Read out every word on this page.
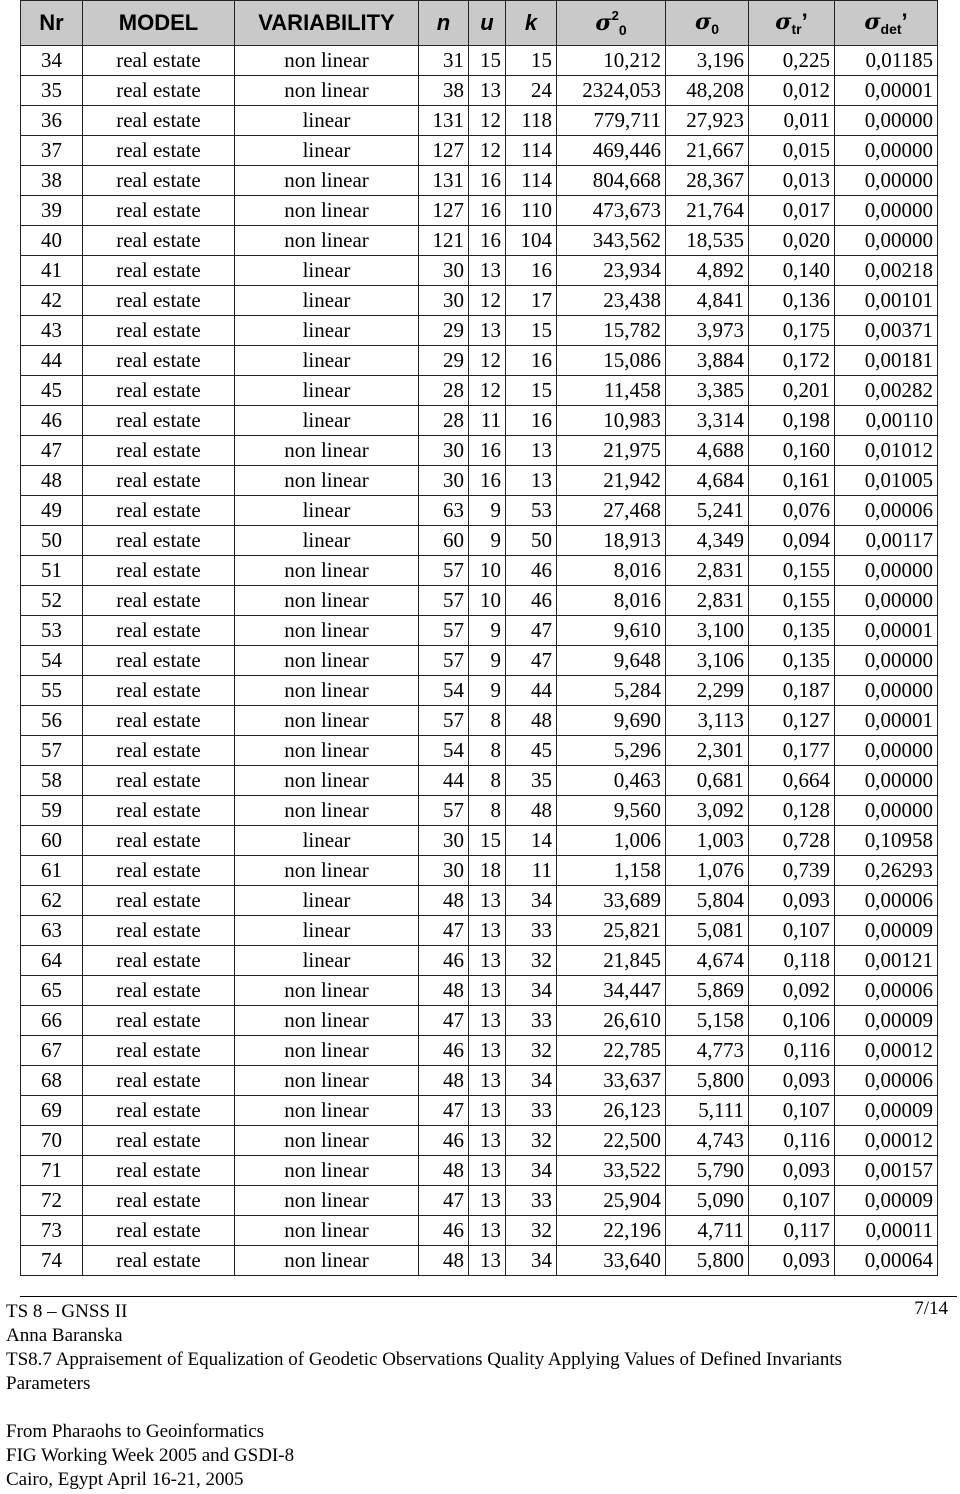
Nr	MODEL	VARIABILITY	n	u	k	$\sigma^2_0$	$\sigma_0$	$\sigma_{tr}$’	$\sigma_{det}$’
34	real estate	non linear	31	15	15	10,212	3,196	0,225	0,01185
35	real estate	non linear	38	13	24	2324,053	48,208	0,012	0,00001
36	real estate	linear	131	12	118	779,711	27,923	0,011	0,00000
37	real estate	linear	127	12	114	469,446	21,667	0,015	0,00000
38	real estate	non linear	131	16	114	804,668	28,367	0,013	0,00000
39	real estate	non linear	127	16	110	473,673	21,764	0,017	0,00000
40	real estate	non linear	121	16	104	343,562	18,535	0,020	0,00000
41	real estate	linear	30	13	16	23,934	4,892	0,140	0,00218
42	real estate	linear	30	12	17	23,438	4,841	0,136	0,00101
43	real estate	linear	29	13	15	15,782	3,973	0,175	0,00371
44	real estate	linear	29	12	16	15,086	3,884	0,172	0,00181
45	real estate	linear	28	12	15	11,458	3,385	0,201	0,00282
46	real estate	linear	28	11	16	10,983	3,314	0,198	0,00110
47	real estate	non linear	30	16	13	21,975	4,688	0,160	0,01012
48	real estate	non linear	30	16	13	21,942	4,684	0,161	0,01005
49	real estate	linear	63	9	53	27,468	5,241	0,076	0,00006
50	real estate	linear	60	9	50	18,913	4,349	0,094	0,00117
51	real estate	non linear	57	10	46	8,016	2,831	0,155	0,00000
52	real estate	non linear	57	10	46	8,016	2,831	0,155	0,00000
53	real estate	non linear	57	9	47	9,610	3,100	0,135	0,00001
54	real estate	non linear	57	9	47	9,648	3,106	0,135	0,00000
55	real estate	non linear	54	9	44	5,284	2,299	0,187	0,00000
56	real estate	non linear	57	8	48	9,690	3,113	0,127	0,00001
57	real estate	non linear	54	8	45	5,296	2,301	0,177	0,00000
58	real estate	non linear	44	8	35	0,463	0,681	0,664	0,00000
59	real estate	non linear	57	8	48	9,560	3,092	0,128	0,00000
60	real estate	linear	30	15	14	1,006	1,003	0,728	0,10958
61	real estate	non linear	30	18	11	1,158	1,076	0,739	0,26293
62	real estate	linear	48	13	34	33,689	5,804	0,093	0,00006
63	real estate	linear	47	13	33	25,821	5,081	0,107	0,00009
64	real estate	linear	46	13	32	21,845	4,674	0,118	0,00121
65	real estate	non linear	48	13	34	34,447	5,869	0,092	0,00006
66	real estate	non linear	47	13	33	26,610	5,158	0,106	0,00009
67	real estate	non linear	46	13	32	22,785	4,773	0,116	0,00012
68	real estate	non linear	48	13	34	33,637	5,800	0,093	0,00006
69	real estate	non linear	47	13	33	26,123	5,111	0,107	0,00009
70	real estate	non linear	46	13	32	22,500	4,743	0,116	0,00012
71	real estate	non linear	48	13	34	33,522	5,790	0,093	0,00157
72	real estate	non linear	47	13	33	25,904	5,090	0,107	0,00009
73	real estate	non linear	46	13	32	22,196	4,711	0,117	0,00011
74	real estate	non linear	48	13	34	33,640	5,800	0,093	0,00064
7/14
TS 8 – GNSS II
Anna Baranska
TS8.7 Appraisement of Equalization of Geodetic Observations Quality Applying Values of Defined Invariants
Parameters
From Pharaohs to Geoinformatics
FIG Working Week 2005 and GSDI-8
Cairo, Egypt April 16-21, 2005
